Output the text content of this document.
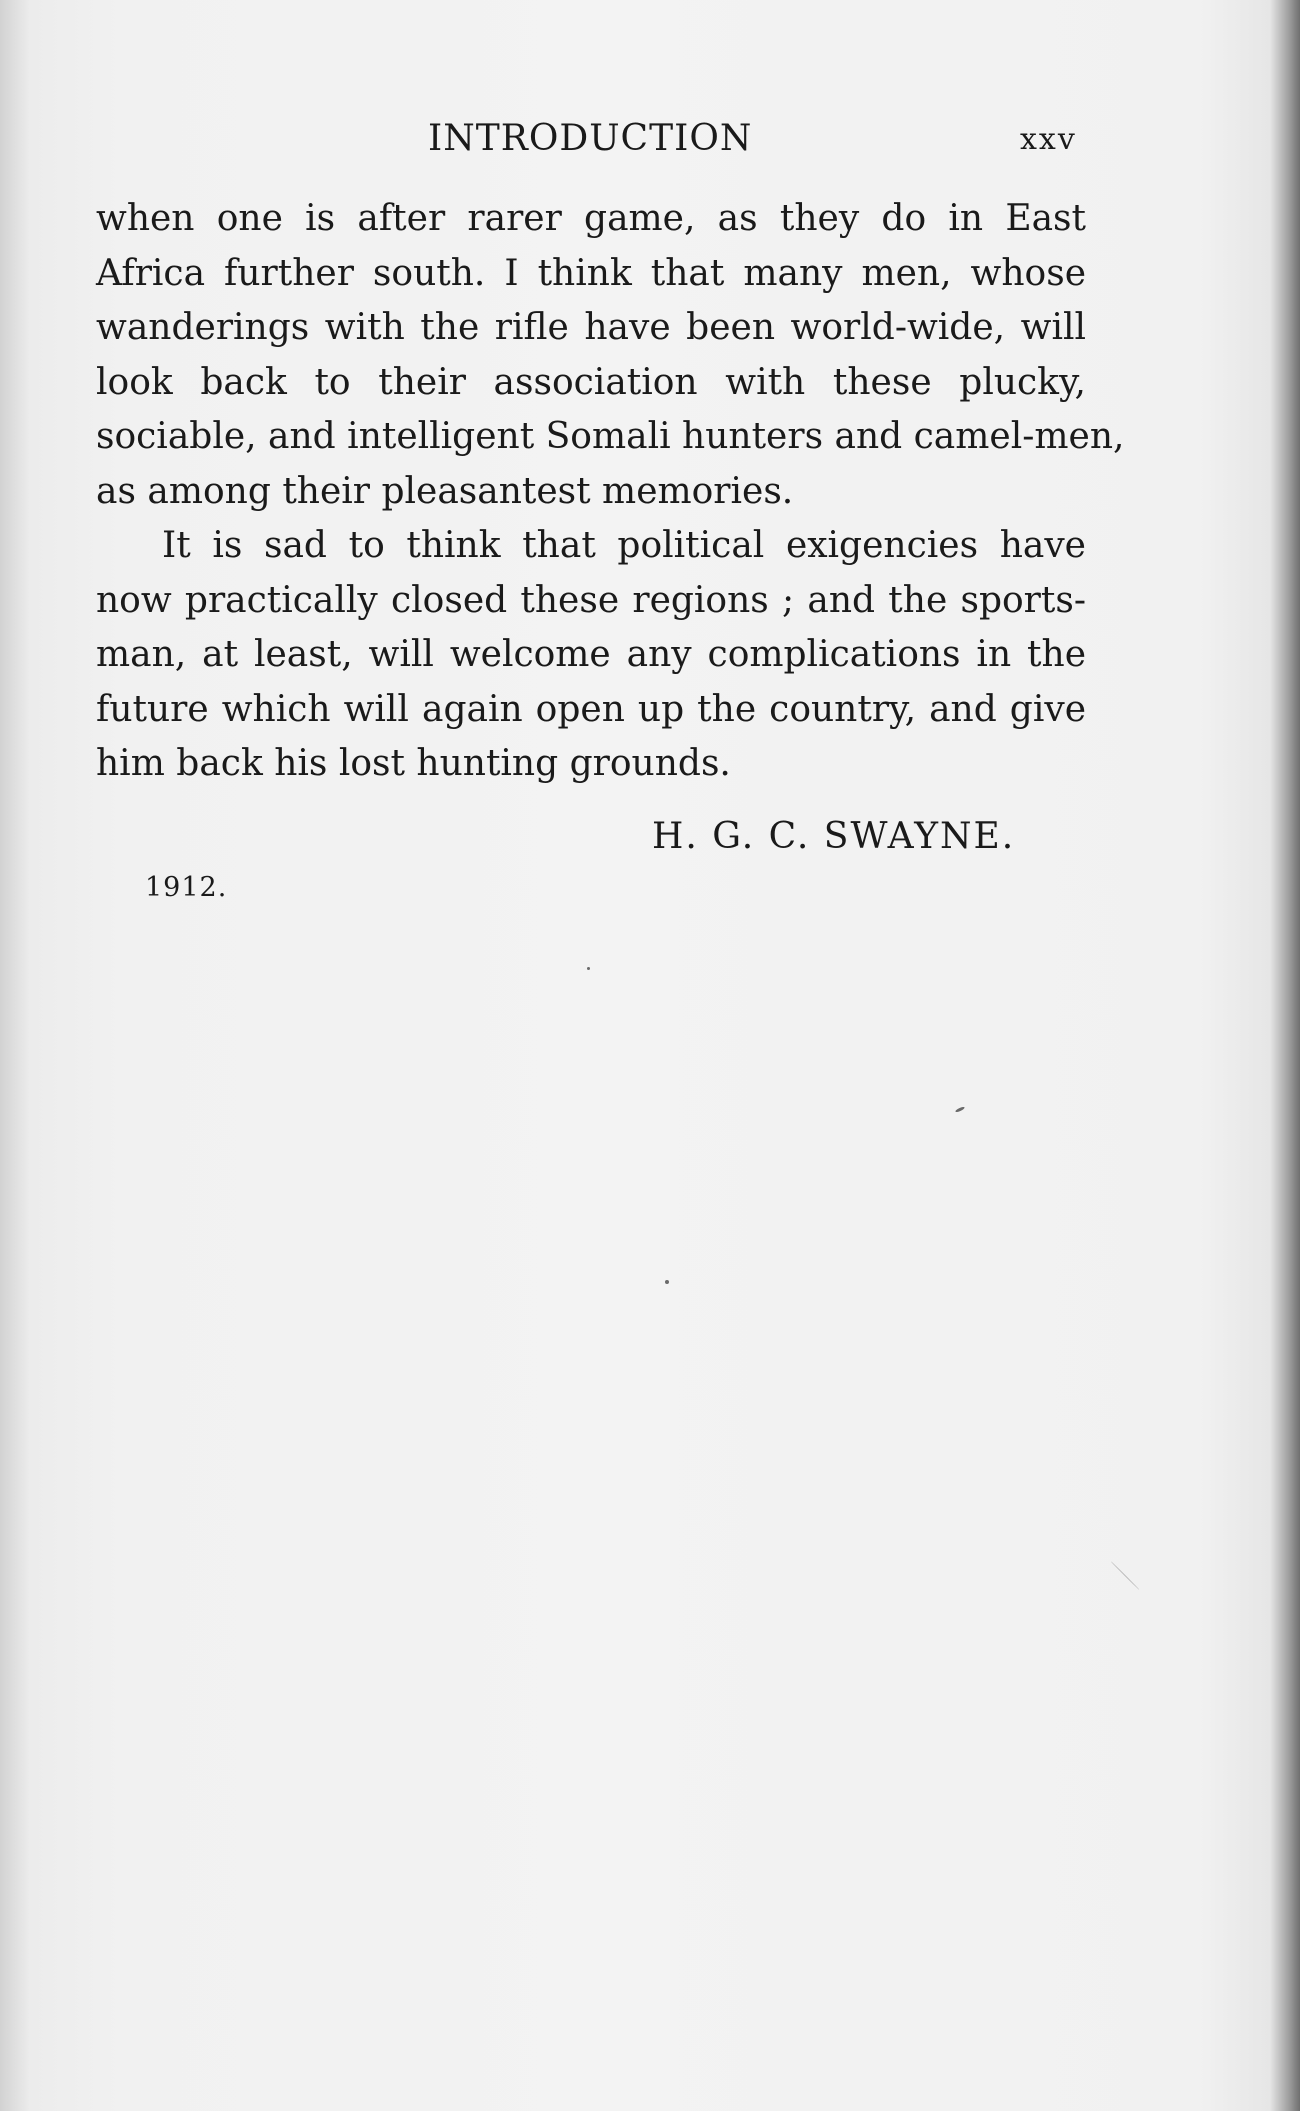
INTRODUCTION	xxv
when one is after rarer game, as they do in East
Africa further south. I think that many men, whose
wanderings with the rifle have been world-wide, will
look back to their association with these plucky,
sociable, and intelligent Somali hunters and camel-men,
as among their pleasantest memories.
It is sad to think that political exigencies have
now practically closed these regions ; and the sports-
man, at least, will welcome any complications in the
future which will again open up the country, and give
him back his lost hunting grounds.
H. G. C. SWAYNE.
1912.
